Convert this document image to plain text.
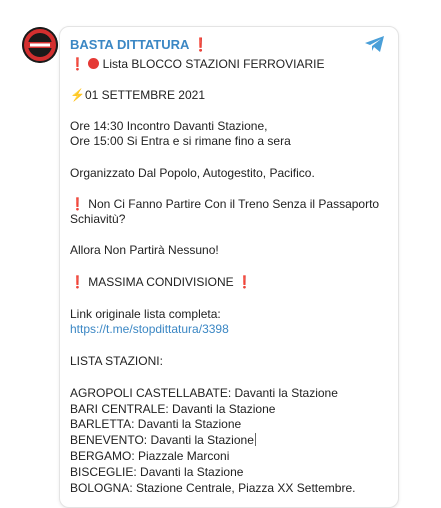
BASTA DITTATURA ❗
❗ Lista BLOCCO STAZIONI FERROVIARIE
⚡01 SETTEMBRE 2021
Ore 14:30 Incontro Davanti Stazione,
Ore 15:00 Si Entra e si rimane fino a sera
Organizzato Dal Popolo, Autogestito, Pacifico.
❗ Non Ci Fanno Partire Con il Treno Senza il Passaporto
Schiavitù?
Allora Non Partirà Nessuno!
❗ MASSIMA CONDIVISIONE ❗
Link originale lista completa:
https://t.me/stopdittatura/3398
LISTA STAZIONI:
AGROPOLI CASTELLABATE: Davanti la Stazione
BARI CENTRALE: Davanti la Stazione
BARLETTA: Davanti la Stazione
BENEVENTO: Davanti la Stazione
BERGAMO: Piazzale Marconi
BISCEGLIE: Davanti la Stazione
BOLOGNA: Stazione Centrale, Piazza XX Settembre.
